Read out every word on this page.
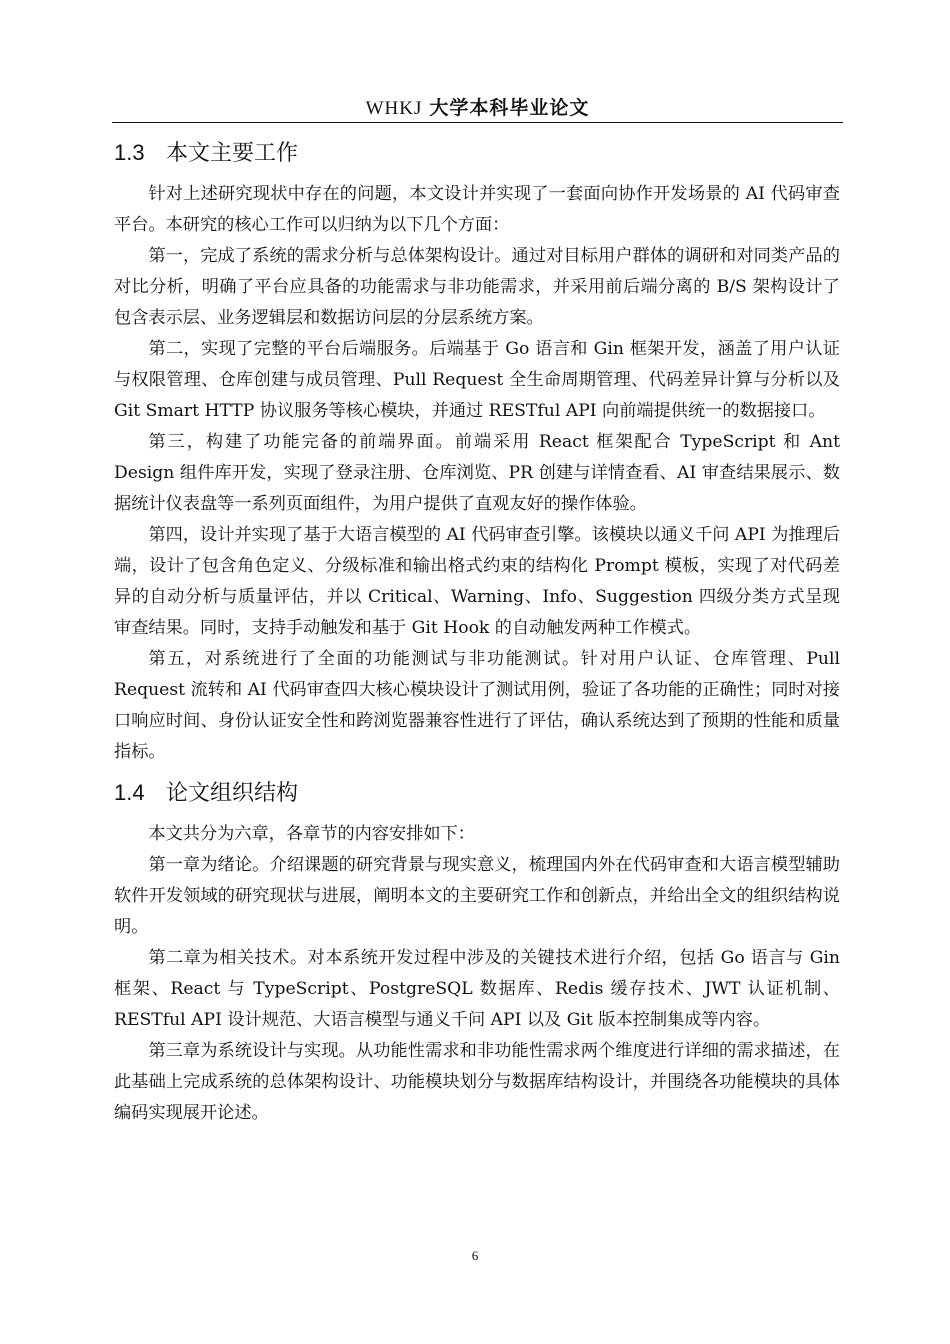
WHKJ 大学本科毕业论文
1.3 本文主要工作

针对上述研究现状中存在的问题，本文设计并实现了一套面向协作开发场景的 AI 代码审查平台。本研究的核心工作可以归纳为以下几个方面：

第一，完成了系统的需求分析与总体架构设计。通过对目标用户群体的调研和对同类产品的对比分析，明确了平台应具备的功能需求与非功能需求，并采用前后端分离的 B/S 架构设计了包含表示层、业务逻辑层和数据访问层的分层系统方案。

第二，实现了完整的平台后端服务。后端基于 Go 语言和 Gin 框架开发，涵盖了用户认证与权限管理、仓库创建与成员管理、Pull Request 全生命周期管理、代码差异计算与分析以及 Git Smart HTTP 协议服务等核心模块，并通过 RESTful API 向前端提供统一的数据接口。

第三，构建了功能完备的前端界面。前端采用 React 框架配合 TypeScript 和 Ant Design 组件库开发，实现了登录注册、仓库浏览、PR 创建与详情查看、AI 审查结果展示、数据统计仪表盘等一系列页面组件，为用户提供了直观友好的操作体验。

第四，设计并实现了基于大语言模型的 AI 代码审查引擎。该模块以通义千问 API 为推理后端，设计了包含角色定义、分级标准和输出格式约束的结构化 Prompt 模板，实现了对代码差异的自动分析与质量评估，并以 Critical、Warning、Info、Suggestion 四级分类方式呈现审查结果。同时，支持手动触发和基于 Git Hook 的自动触发两种工作模式。

第五，对系统进行了全面的功能测试与非功能测试。针对用户认证、仓库管理、Pull Request 流转和 AI 代码审查四大核心模块设计了测试用例，验证了各功能的正确性；同时对接口响应时间、身份认证安全性和跨浏览器兼容性进行了评估，确认系统达到了预期的性能和质量指标。

1.4 论文组织结构

本文共分为六章，各章节的内容安排如下：

第一章为绪论。介绍课题的研究背景与现实意义，梳理国内外在代码审查和大语言模型辅助软件开发领域的研究现状与进展，阐明本文的主要研究工作和创新点，并给出全文的组织结构说明。

第二章为相关技术。对本系统开发过程中涉及的关键技术进行介绍，包括 Go 语言与 Gin 框架、React 与 TypeScript、PostgreSQL 数据库、Redis 缓存技术、JWT 认证机制、RESTful API 设计规范、大语言模型与通义千问 API 以及 Git 版本控制集成等内容。

第三章为系统设计与实现。从功能性需求和非功能性需求两个维度进行详细的需求描述，在此基础上完成系统的总体架构设计、功能模块划分与数据库结构设计，并围绕各功能模块的具体编码实现展开论述。

6
